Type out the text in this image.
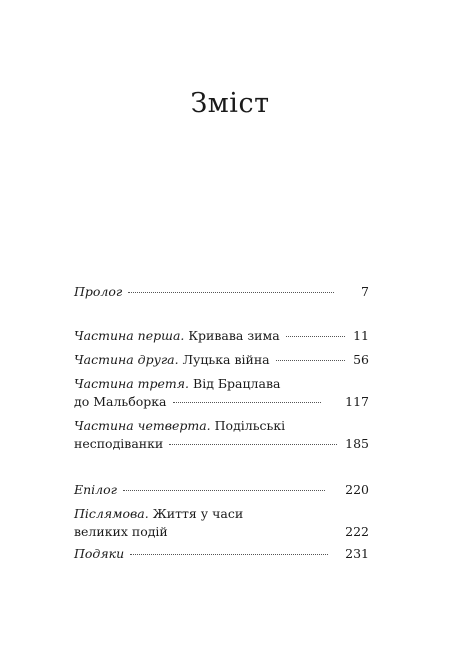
Зміст
Пролог	7
Частина перша. Кривава зима	11
Частина друга. Луцька війна	56
Частина третя. Від Брацлава
до Мальборка	117
Частина четверта. Подільські
несподіванки	185
Епілог	220
Післямова. Життя у часи
великих подій	222
Подяки	231
